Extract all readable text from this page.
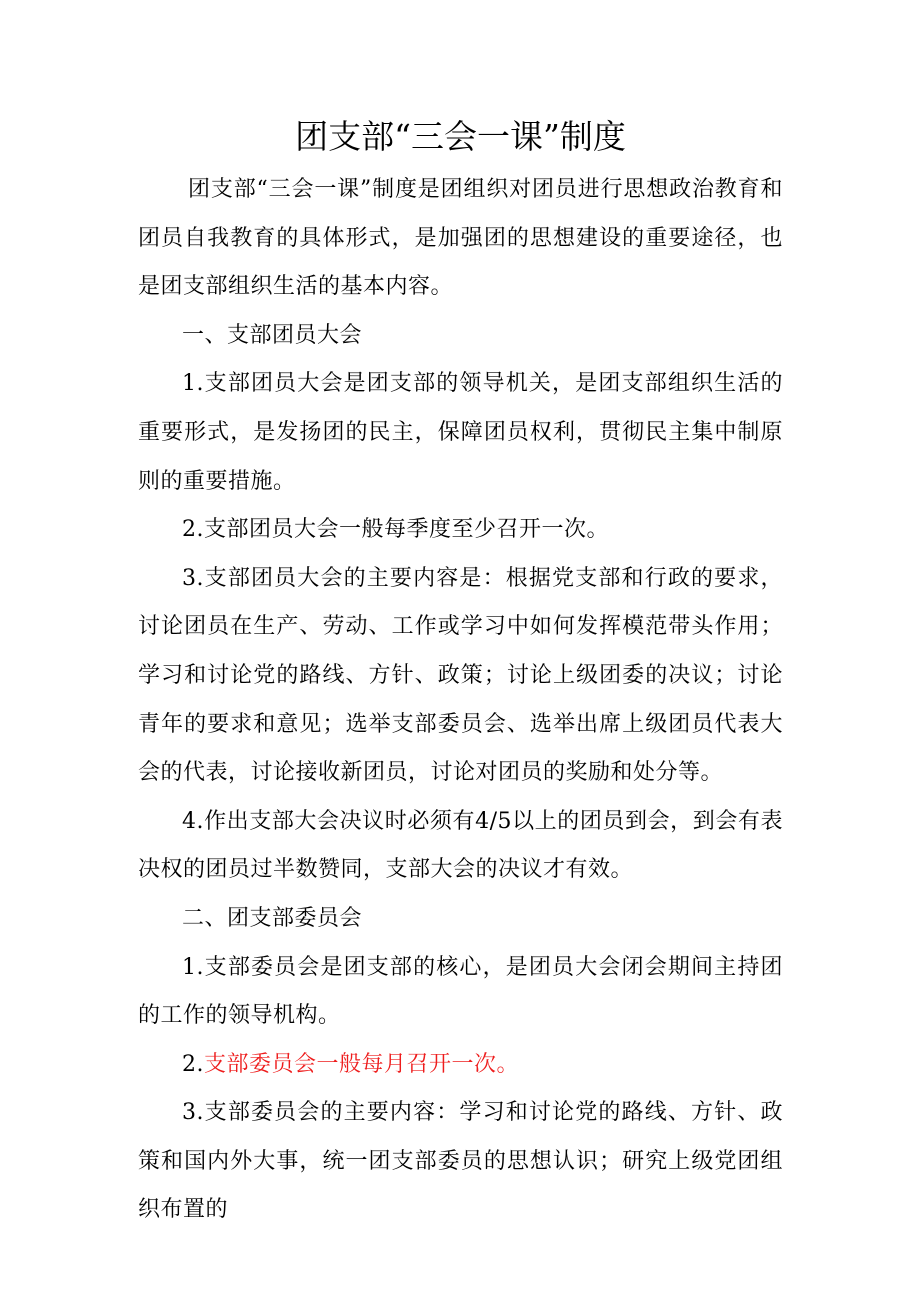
团支部“三会一课”制度

团支部“三会一课”制度是团组织对团员进行思想政治教育和团员自我教育的具体形式，是加强团的思想建设的重要途径，也是团支部组织生活的基本内容。

一、支部团员大会

1.支部团员大会是团支部的领导机关，是团支部组织生活的重要形式，是发扬团的民主，保障团员权利，贯彻民主集中制原则的重要措施。

2.支部团员大会一般每季度至少召开一次。

3.支部团员大会的主要内容是：根据党支部和行政的要求，讨论团员在生产、劳动、工作或学习中如何发挥模范带头作用；学习和讨论党的路线、方针、政策；讨论上级团委的决议；讨论青年的要求和意见；选举支部委员会、选举出席上级团员代表大会的代表，讨论接收新团员，讨论对团员的奖励和处分等。

4.作出支部大会决议时必须有4/5以上的团员到会，到会有表决权的团员过半数赞同，支部大会的决议才有效。

二、团支部委员会

1.支部委员会是团支部的核心，是团员大会闭会期间主持团的工作的领导机构。

2.支部委员会一般每月召开一次。

3.支部委员会的主要内容：学习和讨论党的路线、方针、政策和国内外大事，统一团支部委员的思想认识；研究上级党团组织布置的
